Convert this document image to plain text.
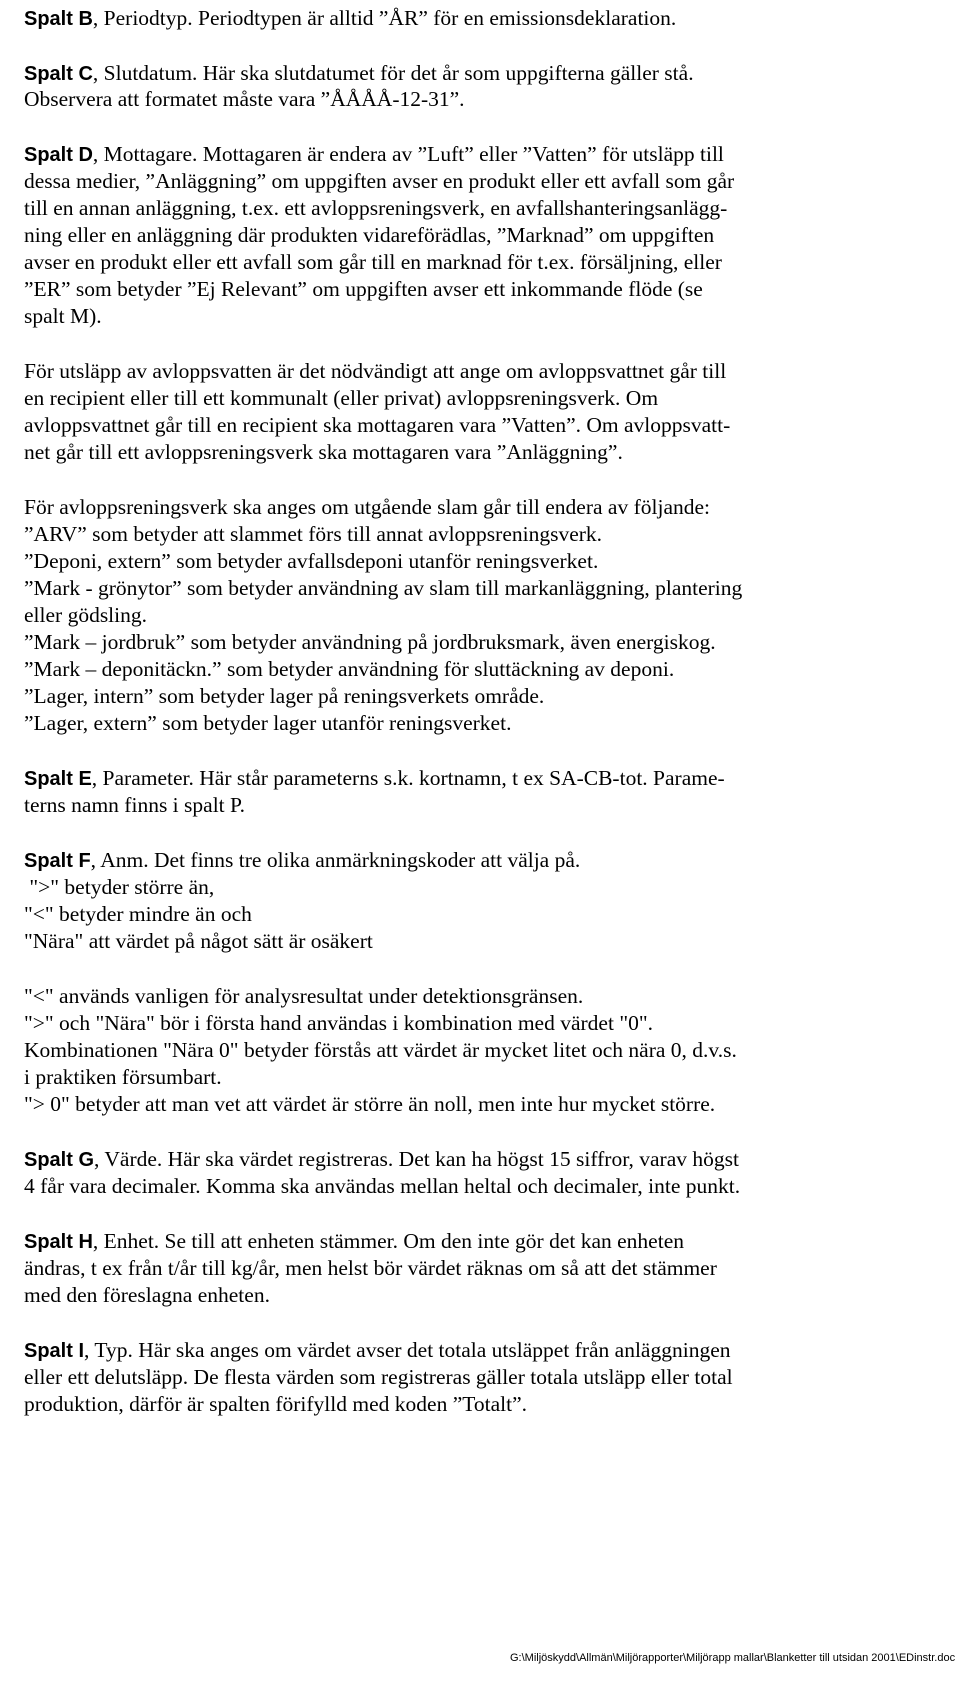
Spalt B, Periodtyp. Periodtypen är alltid ”ÅR” för en emissionsdeklaration.
Spalt C, Slutdatum. Här ska slutdatumet för det år som uppgifterna gäller stå.
Observera att formatet måste vara ”ÅÅÅÅ-12-31”.
Spalt D, Mottagare. Mottagaren är endera av ”Luft” eller ”Vatten” för utsläpp till
dessa medier, ”Anläggning” om uppgiften avser en produkt eller ett avfall som går
till en annan anläggning, t.ex. ett avloppsreningsverk, en avfallshanteringsanlägg-
ning eller en anläggning där produkten vidareförädlas, ”Marknad” om uppgiften
avser en produkt eller ett avfall som går till en marknad för t.ex. försäljning, eller
”ER” som betyder ”Ej Relevant” om uppgiften avser ett inkommande flöde (se
spalt M).
För utsläpp av avloppsvatten är det nödvändigt att ange om avloppsvattnet går till
en recipient eller till ett kommunalt (eller privat) avloppsreningsverk. Om
avloppsvattnet går till en recipient ska mottagaren vara ”Vatten”. Om avloppsvatt-
net går till ett avloppsreningsverk ska mottagaren vara ”Anläggning”.
För avloppsreningsverk ska anges om utgående slam går till endera av följande:
”ARV” som betyder att slammet förs till annat avloppsreningsverk.
”Deponi, extern” som betyder avfallsdeponi utanför reningsverket.
”Mark - grönytor” som betyder användning av slam till markanläggning, plantering
eller gödsling.
”Mark – jordbruk” som betyder användning på jordbruksmark, även energiskog.
”Mark – deponitäckn.” som betyder användning för sluttäckning av deponi.
”Lager, intern” som betyder lager på reningsverkets område.
”Lager, extern” som betyder lager utanför reningsverket.
Spalt E, Parameter. Här står parameterns s.k. kortnamn, t ex SA-CB-tot. Parame-
terns namn finns i spalt P.
Spalt F, Anm. Det finns tre olika anmärkningskoder att välja på.
">" betyder större än,
"<" betyder mindre än och
"Nära" att värdet på något sätt är osäkert
"<" används vanligen för analysresultat under detektionsgränsen.
">" och "Nära" bör i första hand användas i kombination med värdet "0".
Kombinationen "Nära 0" betyder förstås att värdet är mycket litet och nära 0, d.v.s.
i praktiken försumbart.
"> 0" betyder att man vet att värdet är större än noll, men inte hur mycket större.
Spalt G, Värde. Här ska värdet registreras. Det kan ha högst 15 siffror, varav högst
4 får vara decimaler. Komma ska användas mellan heltal och decimaler, inte punkt.
Spalt H, Enhet. Se till att enheten stämmer. Om den inte gör det kan enheten
ändras, t ex från t/år till kg/år, men helst bör värdet räknas om så att det stämmer
med den föreslagna enheten.
Spalt I, Typ. Här ska anges om värdet avser det totala utsläppet från anläggningen
eller ett delutsläpp. De flesta värden som registreras gäller totala utsläpp eller total
produktion, därför är spalten förifylld med koden ”Totalt”.
G:\Miljöskydd\Allmän\Miljörapporter\Miljörapp mallar\Blanketter till utsidan 2001\EDinstr.doc
